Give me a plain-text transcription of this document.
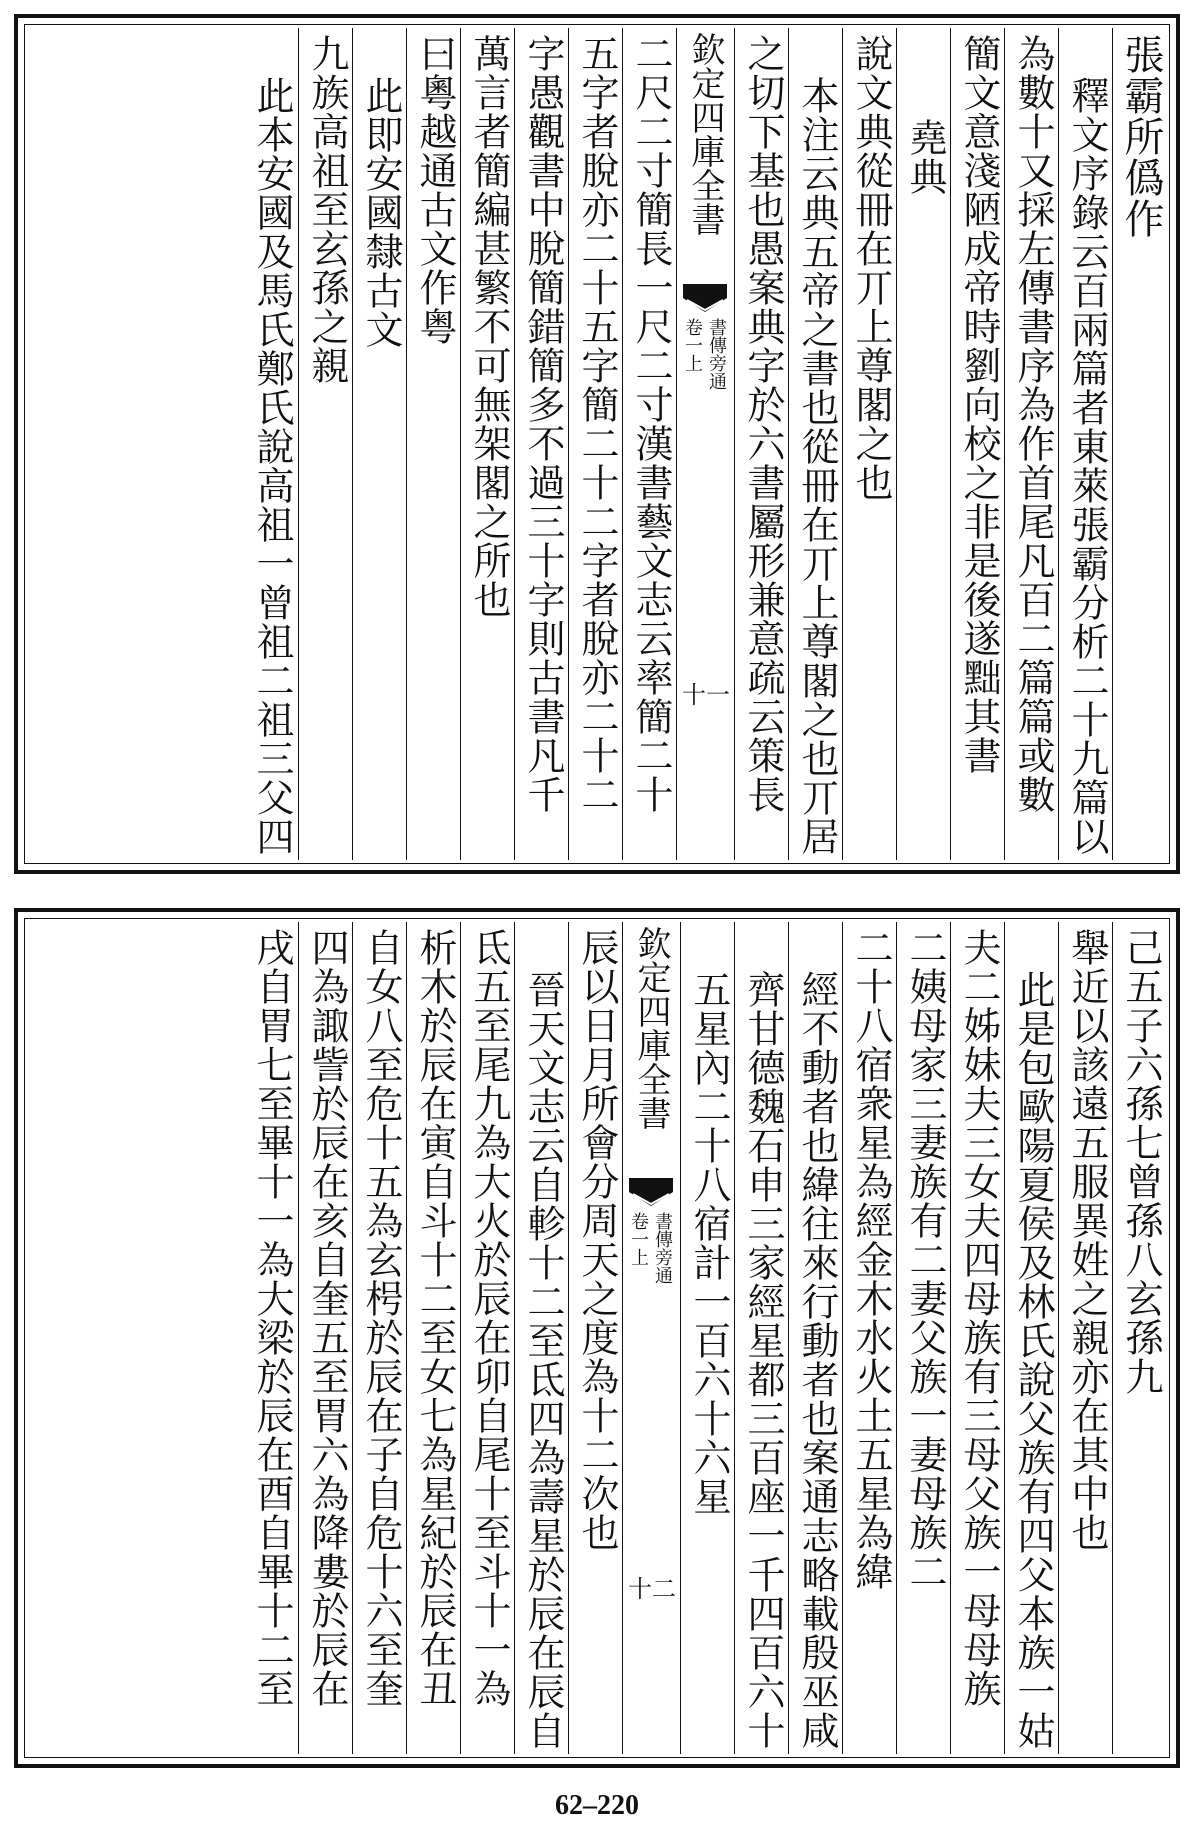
張霸所僞作
釋文序錄云百兩篇者東萊張霸分析二十九篇以
為數十又採左傳書序為作首尾凡百二篇篇或數
簡文意淺陋成帝時劉向校之非是後遂黜其書
堯典
說文典從冊在丌上尊閣之也
本注云典五帝之書也從冊在丌上尊閣之也丌居
之切下基也愚案典字於六書屬形兼意疏云策長
欽定四庫全書
書傳旁通
卷一上
十一
二尺二寸簡長一尺二寸漢書藝文志云率簡二十
五字者脫亦二十五字簡二十二字者脫亦二十二
字愚觀書中脫簡錯簡多不過三十字則古書凡千
萬言者簡編甚繁不可無架閣之所也
曰粵越通古文作粤
此即安國隸古文
九族高祖至玄孫之親
此本安國及馬氏鄭氏說高祖一曾祖二祖三父四
己五子六孫七曾孫八玄孫九
舉近以該遠五服異姓之親亦在其中也
此是包歐陽夏侯及林氏說父族有四父本族一姑
夫二姊妹夫三女夫四母族有三母父族一母母族
二姨母家三妻族有二妻父族一妻母族二
二十八宿衆星為經金木水火土五星為緯
經不動者也緯往來行動者也案通志略載殷巫咸
齊甘德魏石申三家經星都三百座一千四百六十
五星內二十八宿計一百六十六星
欽定四庫全書
書傳旁通
卷一上
十二
辰以日月所會分周天之度為十二次也
晉天文志云自軫十二至氐四為壽星於辰在辰自
氐五至尾九為大火於辰在卯自尾十至斗十一為
析木於辰在寅自斗十二至女七為星紀於辰在丑
自女八至危十五為玄枵於辰在子自危十六至奎
四為諏訾於辰在亥自奎五至胃六為降婁於辰在
戌自胃七至畢十一為大梁於辰在酉自畢十二至
62–220
